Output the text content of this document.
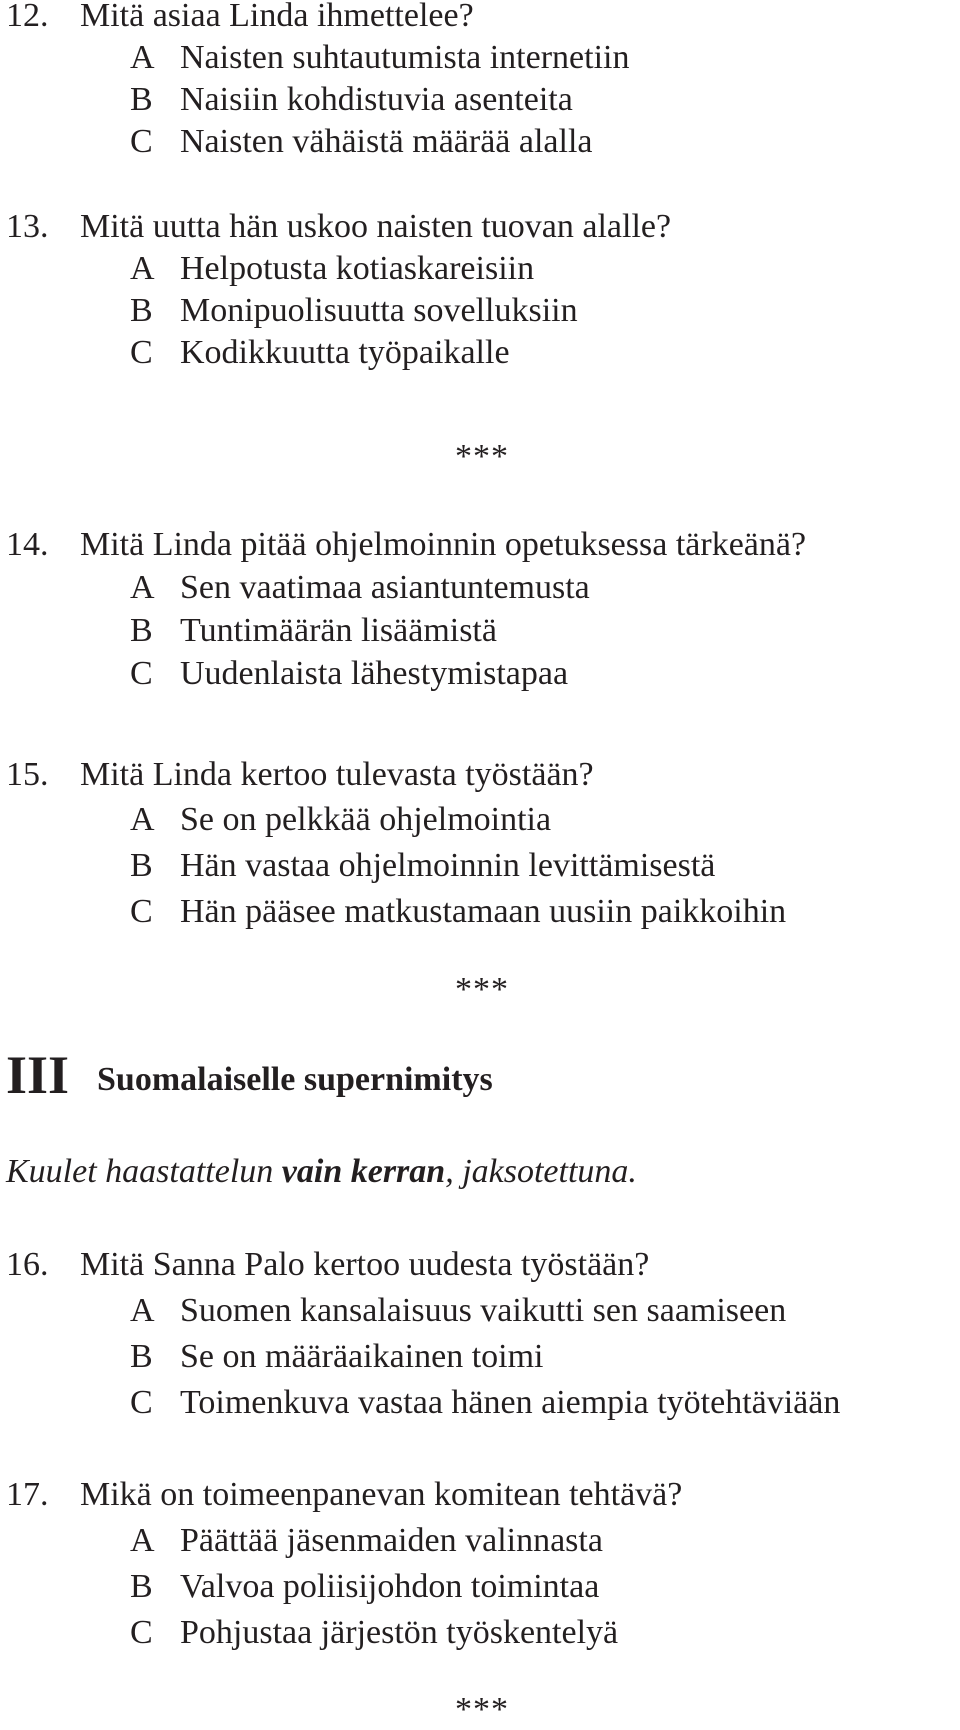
12. Mitä asiaa Linda ihmettelee?
A Naisten suhtautumista internetiin
B Naisiin kohdistuvia asenteita
C Naisten vähäistä määrää alalla
13. Mitä uutta hän uskoo naisten tuovan alalle?
A Helpotusta kotiaskareisiin
B Monipuolisuutta sovelluksiin
C Kodikkuutta työpaikalle
***
14. Mitä Linda pitää ohjelmoinnin opetuksessa tärkeänä?
A Sen vaatimaa asiantuntemusta
B Tuntimäärän lisäämistä
C Uudenlaista lähestymistapaa
15. Mitä Linda kertoo tulevasta työstään?
A Se on pelkkää ohjelmointia
B Hän vastaa ohjelmoinnin levittämisestä
C Hän pääsee matkustamaan uusiin paikkoihin
***
III Suomalaiselle supernimitys
Kuulet haastattelun vain kerran, jaksotettuna.
16. Mitä Sanna Palo kertoo uudesta työstään?
A Suomen kansalaisuus vaikutti sen saamiseen
B Se on määräaikainen toimi
C Toimenkuva vastaa hänen aiempia työtehtäviään
17. Mikä on toimeenpanevan komitean tehtävä?
A Päättää jäsenmaiden valinnasta
B Valvoa poliisijohdon toimintaa
C Pohjustaa järjestön työskentelyä
***
